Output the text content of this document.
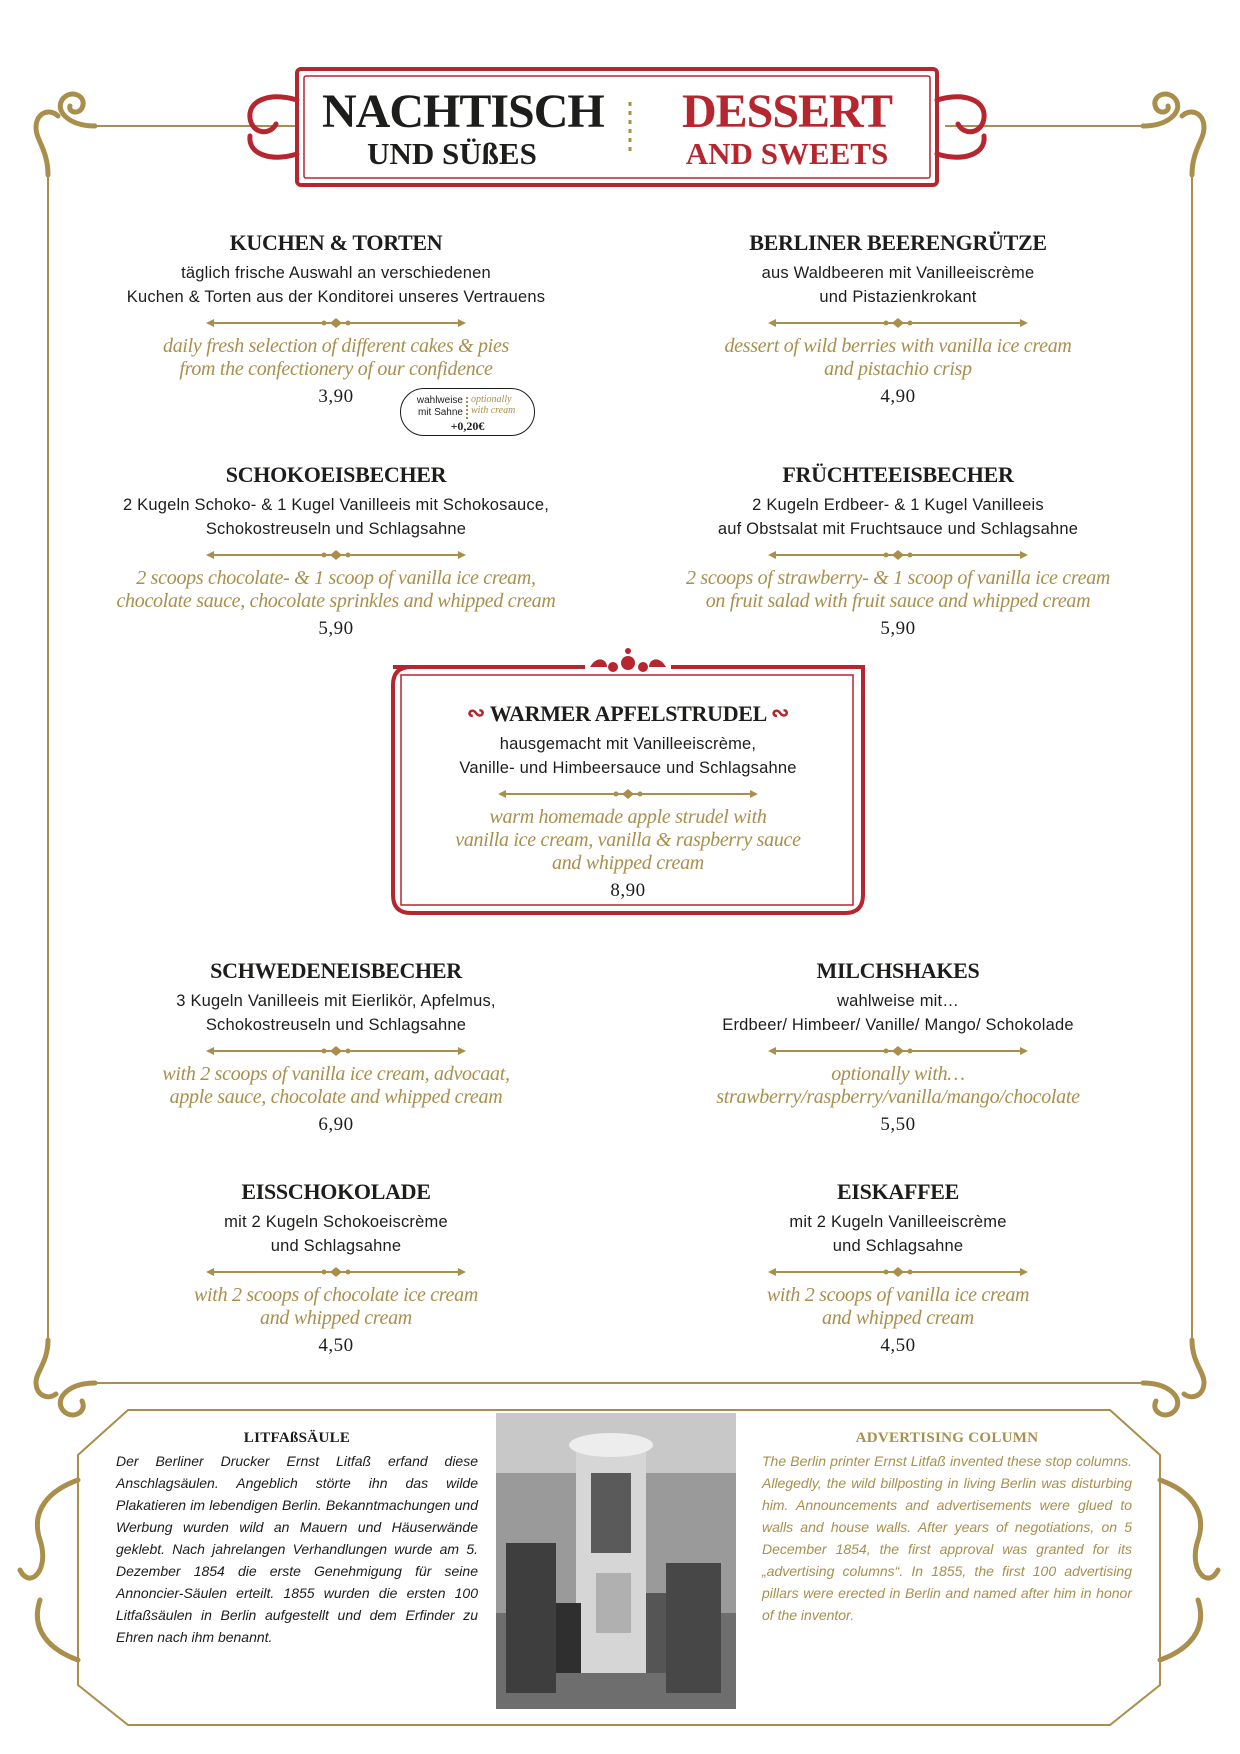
NACHTISCH
UND SÜßES
DESSERT
AND SWEETS
KUCHEN & TORTEN
täglich frische Auswahl an verschiedenen
Kuchen & Torten aus der Konditorei unseres Vertrauens
daily fresh selection of different cakes & pies
from the confectionery of our confidence
3,90	wahlweise
mit Sahne
optionally
with cream
+0,20€
BERLINER BEERENGRÜTZE
aus Waldbeeren mit Vanilleeiscrème
und Pistazienkrokant
dessert of wild berries with vanilla ice cream
and pistachio crisp
4,90
SCHOKOEISBECHER
2 Kugeln Schoko- & 1 Kugel Vanilleeis mit Schokosauce,
Schokostreuseln und Schlagsahne
2 scoops chocolate- & 1 scoop of vanilla ice cream,
chocolate sauce, chocolate sprinkles and whipped cream
5,90
FRÜCHTEEISBECHER
2 Kugeln Erdbeer- & 1 Kugel Vanilleeis
auf Obstsalat mit Fruchtsauce und Schlagsahne
2 scoops of strawberry- & 1 scoop of vanilla ice cream
on fruit salad with fruit sauce and whipped cream
5,90
∾ WARMER APFELSTRUDEL ∾
hausgemacht mit Vanilleeiscrème,
Vanille- und Himbeersauce und Schlagsahne
warm homemade apple strudel with
vanilla ice cream, vanilla & raspberry sauce
and whipped cream
8,90
SCHWEDENEISBECHER
3 Kugeln Vanilleeis mit Eierlikör, Apfelmus,
Schokostreuseln und Schlagsahne
with 2 scoops of vanilla ice cream, advocaat,
apple sauce, chocolate and whipped cream
6,90
MILCHSHAKES
wahlweise mit…
Erdbeer/ Himbeer/ Vanille/ Mango/ Schokolade
optionally with…
strawberry/raspberry/vanilla/mango/chocolate
5,50
EISSCHOKOLADE
mit 2 Kugeln Schokoeiscrème
und Schlagsahne
with 2 scoops of chocolate ice cream
and whipped cream
4,50
EISKAFFEE
mit 2 Kugeln Vanilleeiscrème
und Schlagsahne
with 2 scoops of vanilla ice cream
and whipped cream
4,50
LITFAßSÄULE
Der Berliner Drucker Ernst Litfaß erfand diese Anschlagsäulen. Angeblich störte ihn das wilde Plakatieren im lebendigen Berlin. Bekanntmachungen und Werbung wurden wild an Mauern und Häuserwände geklebt. Nach jahrelangen Verhandlungen wurde am 5. Dezember 1854 die erste Genehmigung für seine Annoncier-Säulen erteilt. 1855 wurden die ersten 100 Litfaßsäulen in Berlin aufgestellt und dem Erfinder zu Ehren nach ihm benannt.
ADVERTISING COLUMN
The Berlin printer Ernst Litfaß invented these stop columns. Allegedly, the wild billposting in living Berlin was disturbing him. Announcements and advertisements were glued to walls and house walls. After years of negotiations, on 5 December 1854, the first approval was granted for its „advertising columns“. In 1855, the first 100 advertising pillars were erected in Berlin and named after him in honor of the inventor.
